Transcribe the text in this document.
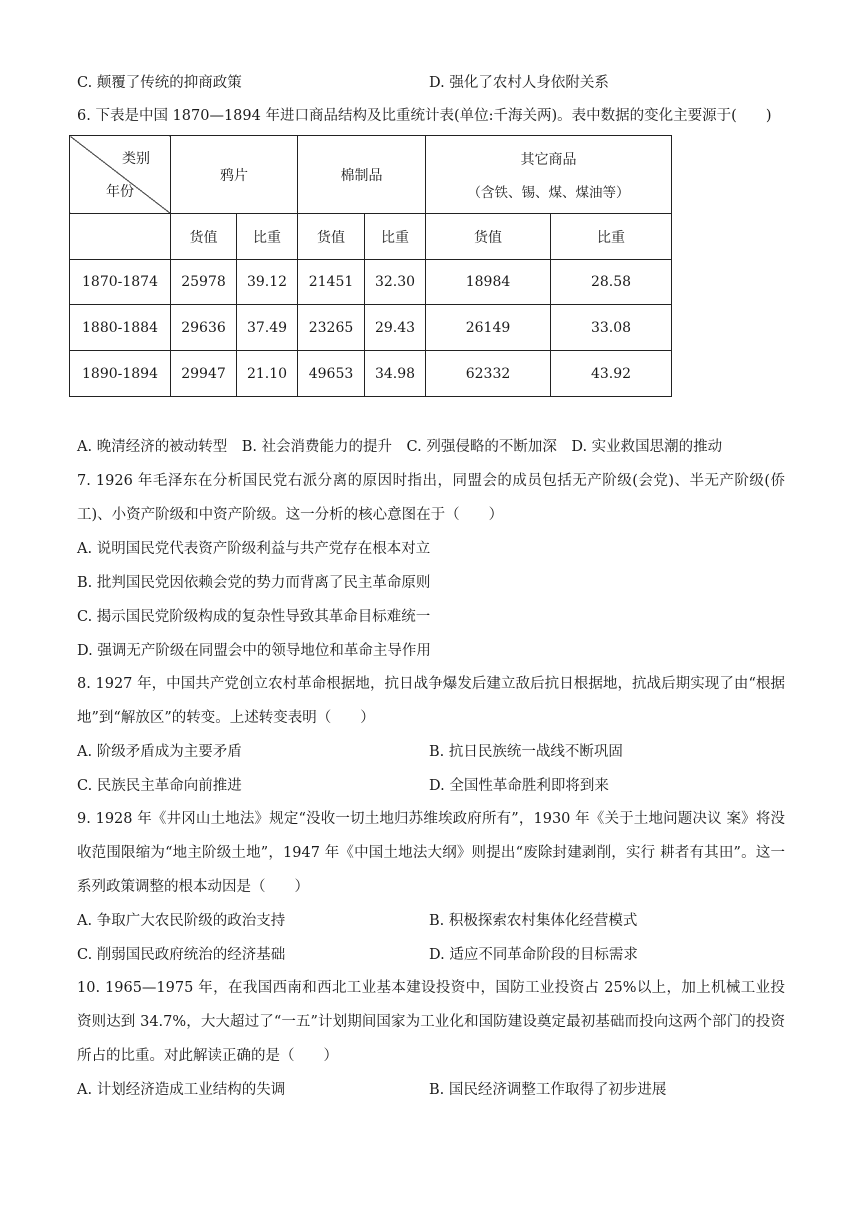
C. 颠覆了传统的抑商政策	D. 强化了农村人身依附关系
6. 下表是中国 1870—1894 年进口商品结构及比重统计表(单位:千海关两)。表中数据的变化主要源于(　　)
类别
年份	鸦片		棉制品		其它商品
（含铁、锡、煤、煤油等）	

	货值	比重	货值	比重	货值	比重
1870-1874	25978	39.12	21451	32.30	18984	28.58
1880-1884	29636	37.49	23265	29.43	26149	33.08
1890-1894	29947	21.10	49653	34.98	62332	43.92
A. 晚清经济的被动转型　B. 社会消费能力的提升　C. 列强侵略的不断加深　D. 实业救国思潮的推动
7. 1926 年毛泽东在分析国民党右派分离的原因时指出，同盟会的成员包括无产阶级(会党)、半无产阶级(侨工)、小资产阶级和中资产阶级。这一分析的核心意图在于（　　）
A. 说明国民党代表资产阶级利益与共产党存在根本对立
B. 批判国民党因依赖会党的势力而背离了民主革命原则
C. 揭示国民党阶级构成的复杂性导致其革命目标难统一
D. 强调无产阶级在同盟会中的领导地位和革命主导作用
8. 1927 年，中国共产党创立农村革命根据地，抗日战争爆发后建立敌后抗日根据地，抗战后期实现了由“根据地”到“解放区”的转变。上述转变表明（　　）
A. 阶级矛盾成为主要矛盾	B. 抗日民族统一战线不断巩固
C. 民族民主革命向前推进	D. 全国性革命胜利即将到来
9. 1928 年《井冈山土地法》规定“没收一切土地归苏维埃政府所有”，1930 年《关于土地问题决议 案》将没收范围限缩为“地主阶级土地”，1947 年《中国土地法大纲》则提出“废除封建剥削，实行 耕者有其田”。这一系列政策调整的根本动因是（　　）
A. 争取广大农民阶级的政治支持	B. 积极探索农村集体化经营模式
C. 削弱国民政府统治的经济基础	D. 适应不同革命阶段的目标需求
10. 1965—1975 年，在我国西南和西北工业基本建设投资中，国防工业投资占 25%以上，加上机械工业投资则达到 34.7%，大大超过了“一五”计划期间国家为工业化和国防建设奠定最初基础而投向这两个部门的投资所占的比重。对此解读正确的是（　　）
A. 计划经济造成工业结构的失调	B. 国民经济调整工作取得了初步进展
